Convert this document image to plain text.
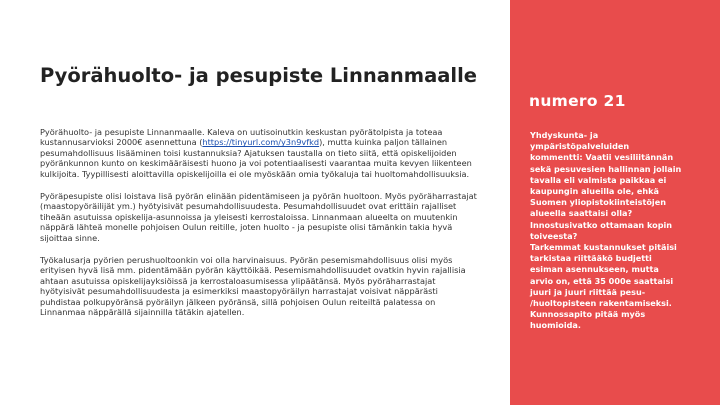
Pyörähuolto- ja pesupiste Linnanmaalle

Pyörähuolto- ja pesupiste Linnanmaalle. Kaleva on uutisoinutkin keskustan pyörätolpista ja toteaa kustannusarvioksi 2000€ asennettuna (https://tinyurl.com/y3n9vfkd), mutta kuinka paljon tällainen pesumahdollisuus lisääminen toisi kustannuksia? Ajatuksen taustalla on tieto siitä, että opiskelijoiden pyöränkunnon kunto on keskimääräisesti huono ja voi potentiaalisesti vaarantaa muita kevyen liikenteen kulkijoita. Tyypillisesti aloittavilla opiskelijoilla ei ole myöskään omia työkaluja tai huoltomahdollisuuksia.

Pyöräpesupiste olisi loistava lisä pyörän elinään pidentämiseen ja pyörän huoltoon. Myös pyöräharrastajat (maastopyöräilijät ym.) hyötyisivät pesumahdollisuudesta. Pesumahdollisuudet ovat erittäin rajalliset tiheään asutuissa opiskelija-asunnoissa ja yleisesti kerrostaloissa. Linnanmaan alueelta on muutenkin näppärä lähteä monelle pohjoisen Oulun reitille, joten huolto - ja pesupiste olisi tämänkin takia hyvä sijoittaa sinne.

Työkalusarja pyörien perushuoltoonkin voi olla harvinaisuus. Pyörän pesemismahdollisuus olisi myös erityisen hyvä lisä mm. pidentämään pyörän käyttöikää. Pesemismahdollisuudet ovatkin hyvin rajallisia ahtaan asutuissa opiskelijayksiöissä ja kerrostaloasumisessa ylipäätänsä. Myös pyöräharrastajat hyötyisivät pesumahdollisuudesta ja esimerkiksi maastopyöräilyn harrastajat voisivat näppärästi puhdistaa polkupyöränsä pyöräilyn jälkeen pyöränsä, sillä pohjoisen Oulun reiteiltä palatessa on Linnanmaa näppärällä sijainnilla tätäkin ajatellen.

numero 21
Yhdyskunta- ja
ympäristöpalveluiden
kommentti: Vaatii vesiliitännän
sekä pesuvesien hallinnan jollain
tavalla eli valmista paikkaa ei
kaupungin alueilla ole, ehkä
Suomen yliopistokiinteistöjen
alueella saattaisi olla?
Innostusivatko ottamaan kopin
toiveesta?
Tarkemmat kustannukset pitäisi
tarkistaa riittääkö budjetti
esiman asennukseen, mutta
arvio on, että 35 000e saattaisi
juuri ja juuri riittää pesu-
/huoltopisteen rakentamiseksi.
Kunnossapito pitää myös
huomioida.
